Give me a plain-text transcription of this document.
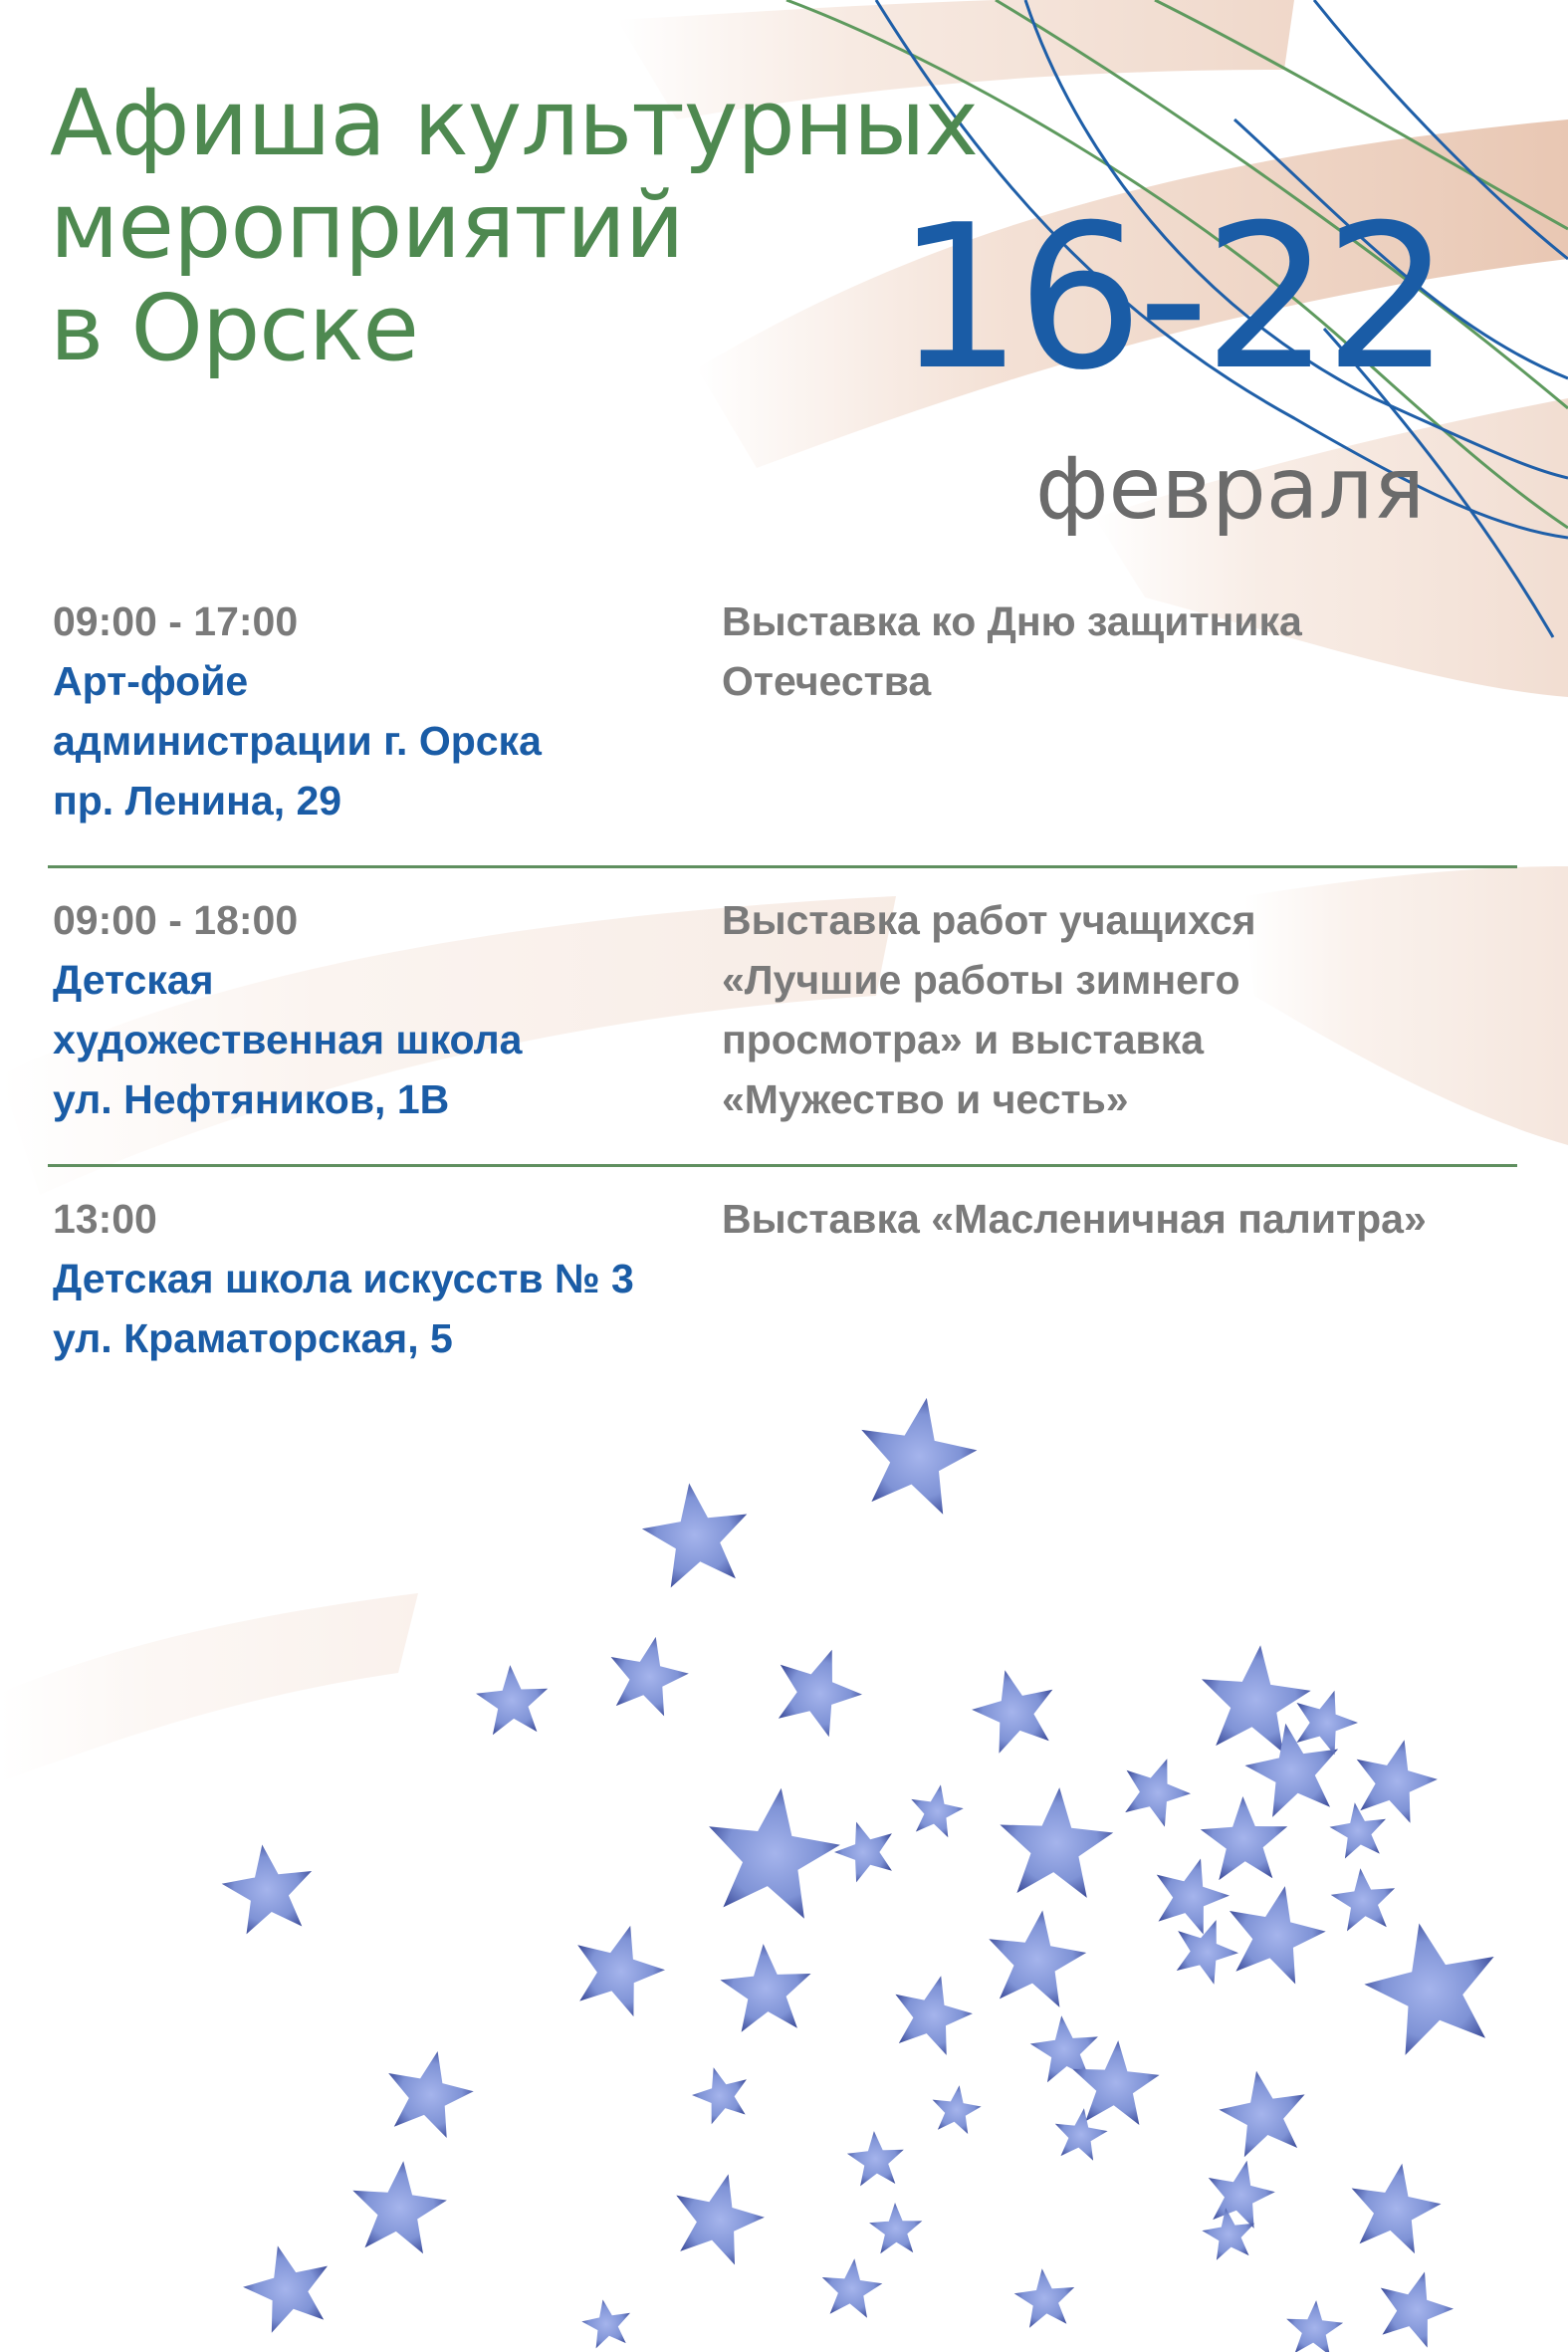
Афиша культурных
мероприятий
в Орске	16-22
февраля
09:00 - 17:00
Арт-фойе
администрации г. Орска
пр. Ленина, 29
Выставка ко Дню защитника
Отечества
09:00 - 18:00
Детская
художественная школа
ул. Нефтяников, 1В
Выставка работ учащихся
«Лучшие работы зимнего
просмотра» и выставка
«Мужество и честь»
13:00
Детская школа искусств № 3
ул. Краматорская, 5
Выставка «Масленичная палитра»
